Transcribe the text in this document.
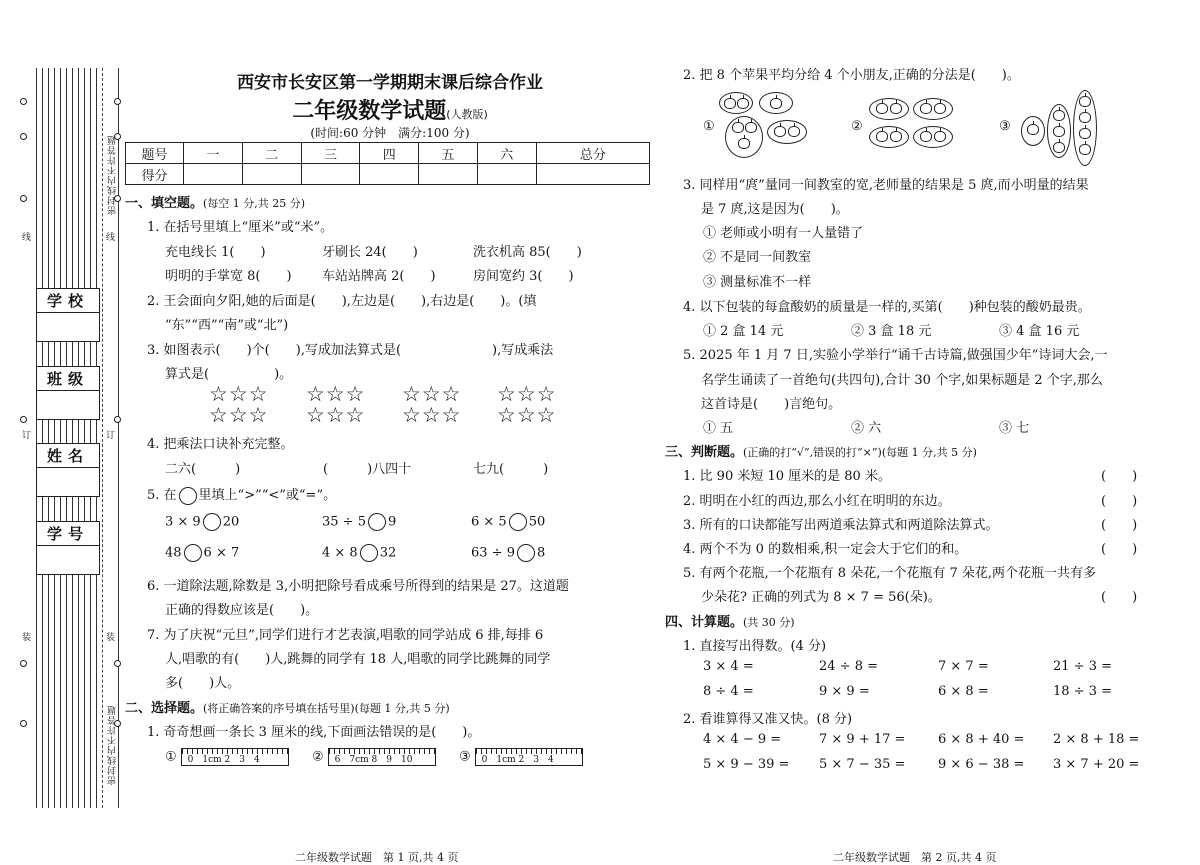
密封线内不许答题
密封线内不许答题
线	线
订	订
装	装
学校
班级
姓名
学号
西安市长安区第一学期期末课后综合作业
二年级数学试题(人教版)
(时间:60 分钟　满分:100 分)
题号	一	二	三	四	五	六	总分
得分							
一、填空题。(每空 1 分,共 25 分)
1. 在括号里填上“厘米”或“米”。
充电线长 1(　　)	牙刷长 24(　　)	洗衣机高 85(　　)
明明的手掌宽 8(　　) 车站站牌高 2(　　)	房间宽约 3(　　)
2. 王会面向夕阳,她的后面是(　　),左边是(　　),右边是(　　)。(填
“东”“西”“南”或“北”)
3. 如图表示(　　)个(　　),写成加法算式是(　　　　　　　),写成乘法
算式是(　　　　　)。
☆☆☆
☆☆☆
☆☆☆
☆☆☆
☆☆☆
☆☆☆
☆☆☆
☆☆☆
4. 把乘法口诀补充完整。
二六(　　　)	(　　　)八四十	七九(　　　)
5. 在 里填上“>”“<”或“=”。
3 × 9 20	35 ÷ 5 9	6 × 5 50
48 6 × 7	4 × 8 32	63 ÷ 9 8
6. 一道除法题,除数是 3,小明把除号看成乘号所得到的结果是 27。这道题
正确的得数应该是(　　)。
7. 为了庆祝“元旦”,同学们进行才艺表演,唱歌的同学站成 6 排,每排 6
人,唱歌的有(　　)人,跳舞的同学有 18 人,唱歌的同学比跳舞的同学
多(　　)人。
二、选择题。(将正确答案的序号填在括号里)(每题 1 分,共 5 分)
1. 奇奇想画一条长 3 厘米的线,下面画法错误的是(　　)。
① 0　1cm 2　3　4	② 6　7cm 8　9　10	③ 0　1cm 2　3　4
二年级数学试题　第 1 页,共 4 页
2. 把 8 个苹果平均分给 4 个小朋友,正确的分法是(　　)。
①	②	③
3. 同样用“庹”量同一间教室的宽,老师量的结果是 5 庹,而小明量的结果
是 7 庹,这是因为(　　)。
① 老师或小明有一人量错了
② 不是同一间教室
③ 测量标准不一样
4. 以下包装的每盒酸奶的质量是一样的,买第(　　)种包装的酸奶最贵。
① 2 盒 14 元	② 3 盒 18 元	③ 4 盒 16 元
5. 2025 年 1 月 7 日,实验小学举行“诵千古诗篇,做强国少年”诗词大会,一
名学生诵读了一首绝句(共四句),合计 30 个字,如果标题是 2 个字,那么
这首诗是(　　)言绝句。
① 五	② 六	③ 七
三、判断题。(正确的打“√”,错误的打“×”)(每题 1 分,共 5 分)
1. 比 90 米短 10 厘米的是 80 米。	(　　)
2. 明明在小红的西边,那么小红在明明的东边。	(　　)
3. 所有的口诀都能写出两道乘法算式和两道除法算式。	(　　)
4. 两个不为 0 的数相乘,积一定会大于它们的和。	(　　)
5. 有两个花瓶,一个花瓶有 8 朵花,一个花瓶有 7 朵花,两个花瓶一共有多
少朵花? 正确的列式为 8 × 7 = 56(朵)。	(　　)
四、计算题。(共 30 分)
1. 直接写出得数。(4 分)
3 × 4 =	24 ÷ 8 =	7 × 7 =	21 ÷ 3 =
8 ÷ 4 =	9 × 9 =	6 × 8 =	18 ÷ 3 =
2. 看谁算得又准又快。(8 分)
4 × 4 − 9 =	7 × 9 + 17 =	6 × 8 + 40 = 2 × 8 + 18 =
5 × 9 − 39 = 5 × 7 − 35 =	9 × 6 − 38 = 3 × 7 + 20 =
二年级数学试题　第 2 页,共 4 页
